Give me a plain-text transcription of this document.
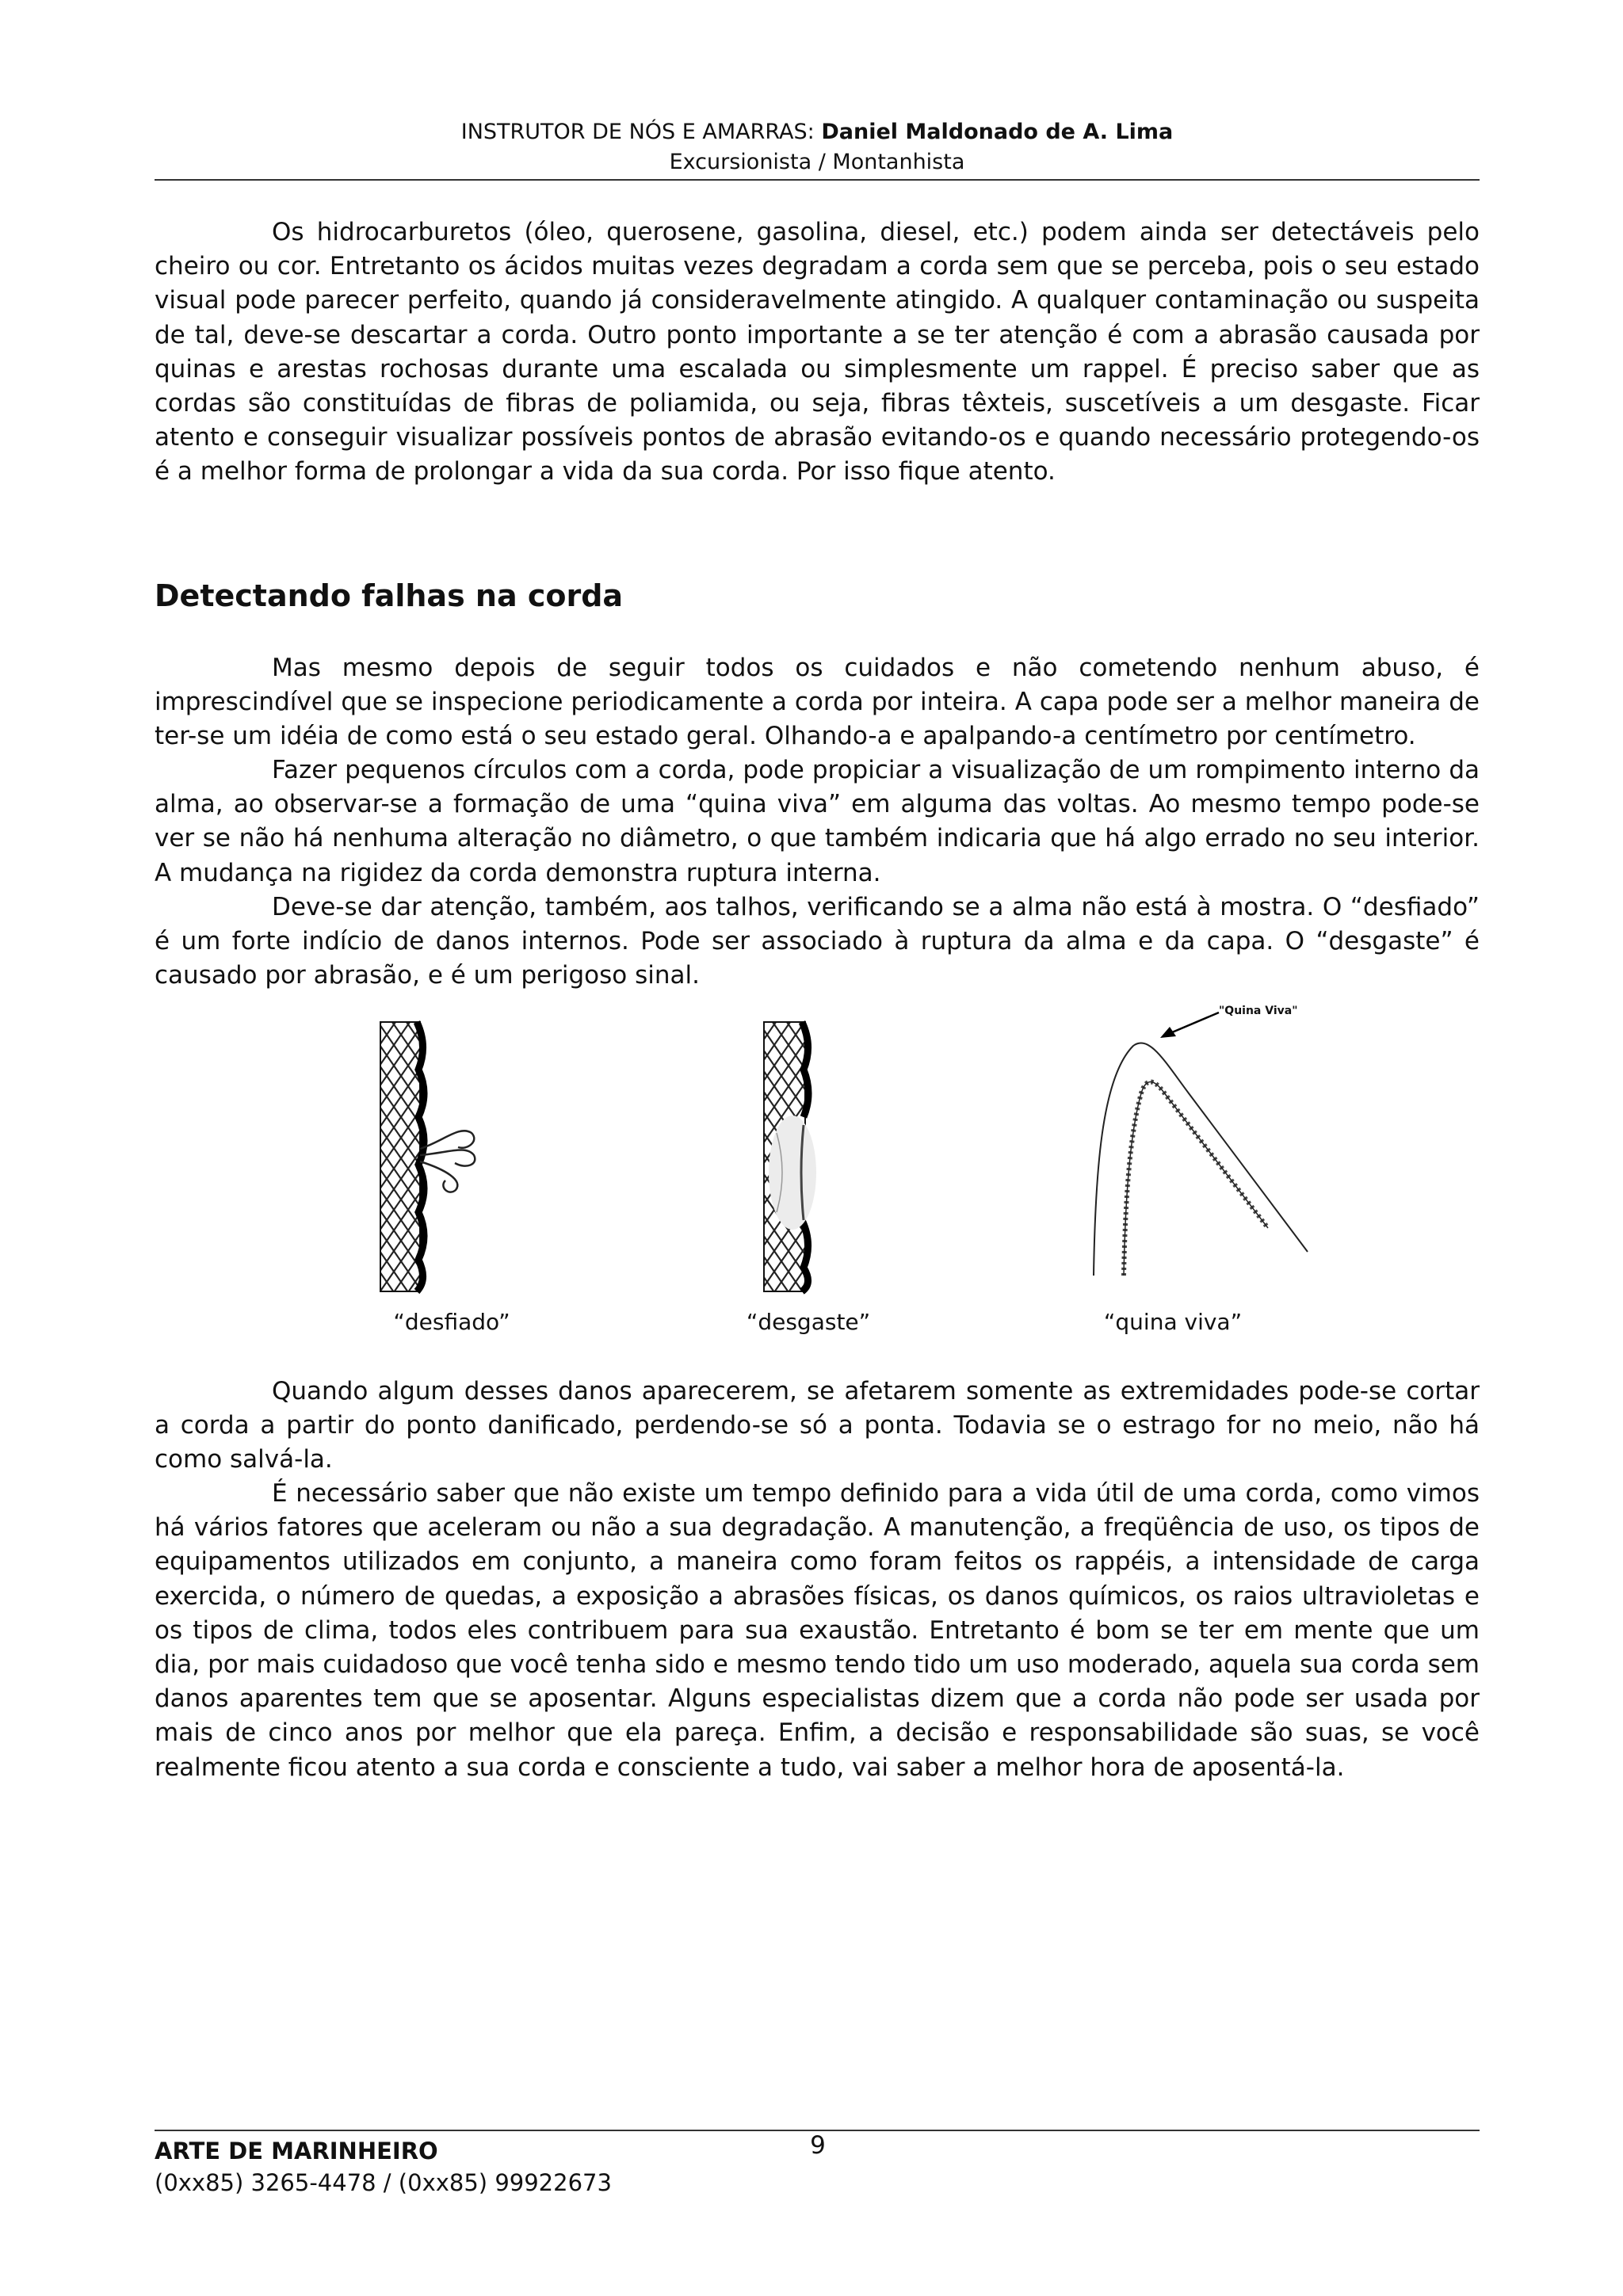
INSTRUTOR DE NÓS E AMARRAS: Daniel Maldonado de A. Lima
Excursionista / Montanhista

Os hidrocarburetos (óleo, querosene, gasolina, diesel, etc.) podem ainda ser detectáveis pelo cheiro ou cor. Entretanto os ácidos muitas vezes degradam a corda sem que se perceba, pois o seu estado visual pode parecer perfeito, quando já consideravelmente atingido. A qualquer contaminação ou suspeita de tal, deve-se descartar a corda. Outro ponto importante a se ter atenção é com a abrasão causada por quinas e arestas rochosas durante uma escalada ou simplesmente um rappel. É preciso saber que as cordas são constituídas de fibras de poliamida, ou seja, fibras têxteis, suscetíveis a um desgaste. Ficar atento e conseguir visualizar possíveis pontos de abrasão evitando-os e quando necessário protegendo-os é a melhor forma de prolongar a vida da sua corda. Por isso fique atento.

Detectando falhas na corda

Mas mesmo depois de seguir todos os cuidados e não cometendo nenhum abuso, é imprescindível que se inspecione periodicamente a corda por inteira. A capa pode ser a melhor maneira de ter-se um idéia de como está o seu estado geral. Olhando-a e apalpando-a centímetro por centímetro.

Fazer pequenos círculos com a corda, pode propiciar a visualização de um rompimento interno da alma, ao observar-se a formação de uma “quina viva” em alguma das voltas. Ao mesmo tempo pode-se ver se não há nenhuma alteração no diâmetro, o que também indicaria que há algo errado no seu interior. A mudança na rigidez da corda demonstra ruptura interna.

Deve-se dar atenção, também, aos talhos, verificando se a alma não está à mostra. O “desfiado” é um forte indício de danos internos. Pode ser associado à ruptura da alma e da capa. O “desgaste” é causado por abrasão, e é um perigoso sinal.

"Quina Viva"
“desfiado”	“desgaste”	“quina viva”

Quando algum desses danos aparecerem, se afetarem somente as extremidades pode-se cortar a corda a partir do ponto danificado, perdendo-se só a ponta. Todavia se o estrago for no meio, não há como salvá-la.

É necessário saber que não existe um tempo definido para a vida útil de uma corda, como vimos há vários fatores que aceleram ou não a sua degradação. A manutenção, a freqüência de uso, os tipos de equipamentos utilizados em conjunto, a maneira como foram feitos os rappéis, a intensidade de carga exercida, o número de quedas, a exposição a abrasões físicas, os danos químicos, os raios ultravioletas e os tipos de clima, todos eles contribuem para sua exaustão. Entretanto é bom se ter em mente que um dia, por mais cuidadoso que você tenha sido e mesmo tendo tido um uso moderado, aquela sua corda sem danos aparentes tem que se aposentar. Alguns especialistas dizem que a corda não pode ser usada por mais de cinco anos por melhor que ela pareça. Enfim, a decisão e responsabilidade são suas, se você realmente ficou atento a sua corda e consciente a tudo, vai saber a melhor hora de aposentá-la.

ARTE DE MARINHEIRO
(0xx85) 3265-4478 / (0xx85) 99922673
9
